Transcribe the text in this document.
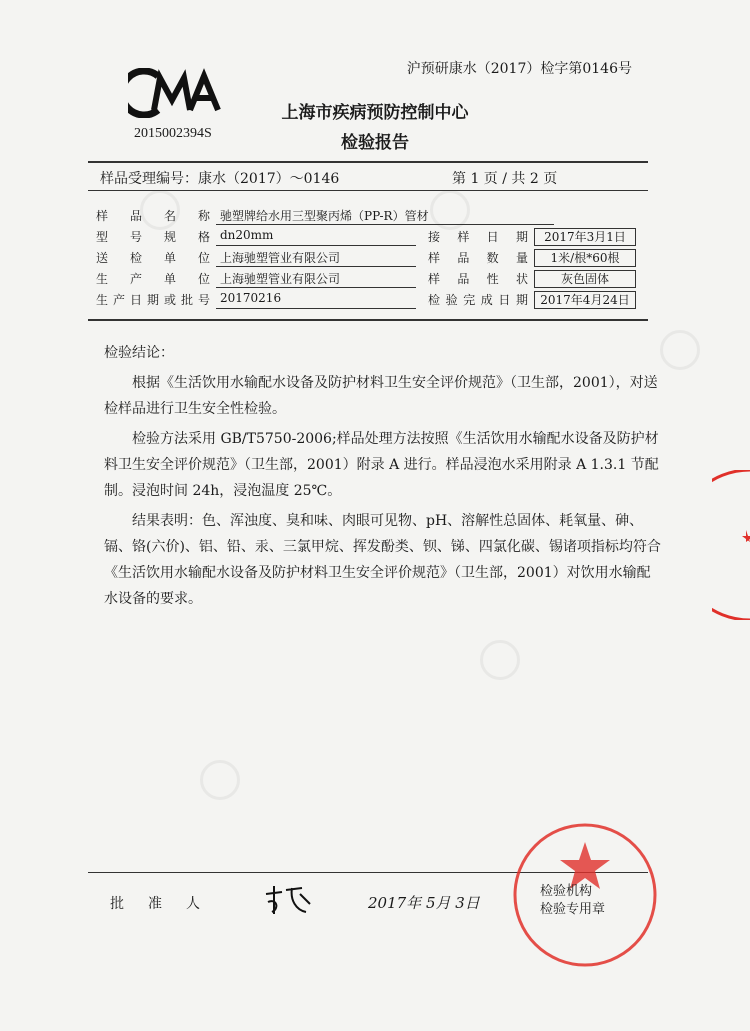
沪预研康水（2017）检字第0146号
2015002394S
上海市疾病预防控制中心
检验报告
样品受理编号：康水（2017）～0146	第 1 页 / 共 2 页
样品名称 驰塑牌给水用三型聚丙烯（PP-R）管材
型号规格 dn20mm	接样日期	2017年3月1日
送检单位 上海驰塑管业有限公司	样品数量	1米/根*60根
生产单位 上海驰塑管业有限公司	样品性状	灰色固体
生产日期或批号 20170216	检验完成日期	2017年4月24日
检验结论：
根据《生活饮用水输配水设备及防护材料卫生安全评价规范》（卫生部，2001），对送检样品进行卫生安全性检验。
检验方法采用 GB/T5750-2006;样品处理方法按照《生活饮用水输配水设备及防护材料卫生安全评价规范》（卫生部，2001）附录 A 进行。样品浸泡水采用附录 A 1.3.1 节配制。浸泡时间 24h，浸泡温度 25℃。
结果表明：色、浑浊度、臭和味、肉眼可见物、pH、溶解性总固体、耗氧量、砷、镉、铬(六价)、铝、铅、汞、三氯甲烷、挥发酚类、钡、锑、四氯化碳、锡诸项指标均符合《生活饮用水输配水设备及防护材料卫生安全评价规范》（卫生部，2001）对饮用水输配水设备的要求。
批准人	2017年 5月 3日
检验机构
检验专用章
